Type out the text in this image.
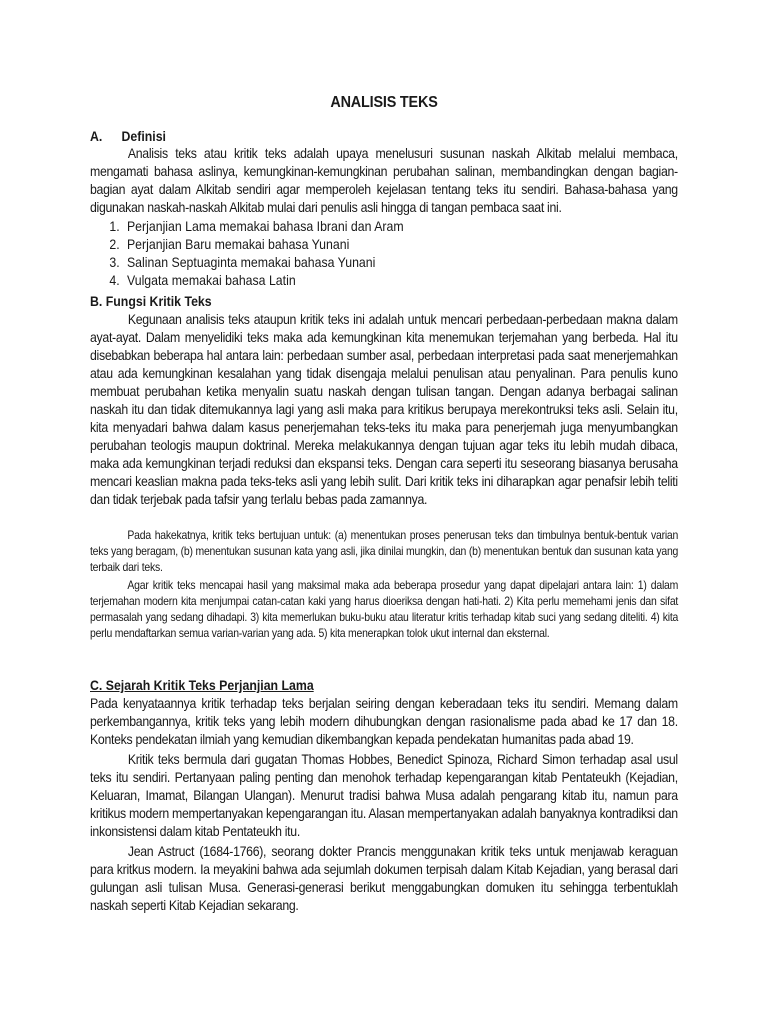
ANALISIS TEKS
A. Definisi

Analisis teks atau kritik teks adalah upaya menelusuri susunan naskah Alkitab melalui membaca, mengamati bahasa aslinya, kemungkinan-kemungkinan perubahan salinan, membandingkan dengan bagian-bagian ayat dalam Alkitab sendiri agar memperoleh kejelasan tentang teks itu sendiri. Bahasa-bahasa yang digunakan naskah-naskah Alkitab mulai dari penulis asli hingga di tangan pembaca saat ini.

1. Perjanjian Lama memakai bahasa Ibrani dan Aram
2. Perjanjian Baru memakai bahasa Yunani
3. Salinan Septuaginta memakai bahasa Yunani
4. Vulgata memakai bahasa Latin
B. Fungsi Kritik Teks

Kegunaan analisis teks ataupun kritik teks ini adalah untuk mencari perbedaan-perbedaan makna dalam ayat-ayat. Dalam menyelidiki teks maka ada kemungkinan kita menemukan terjemahan yang berbeda. Hal itu disebabkan beberapa hal antara lain: perbedaan sumber asal, perbedaan interpretasi pada saat menerjemahkan atau ada kemungkinan kesalahan yang tidak disengaja melalui penulisan atau penyalinan. Para penulis kuno membuat perubahan ketika menyalin suatu naskah dengan tulisan tangan. Dengan adanya berbagai salinan naskah itu dan tidak ditemukannya lagi yang asli maka para kritikus berupaya merekontruksi teks asli. Selain itu, kita menyadari bahwa dalam kasus penerjemahan teks-teks itu maka para penerjemah juga menyumbangkan perubahan teologis maupun doktrinal. Mereka melakukannya dengan tujuan agar teks itu lebih mudah dibaca, maka ada kemungkinan terjadi reduksi dan ekspansi teks. Dengan cara seperti itu seseorang biasanya berusaha mencari keaslian makna pada teks-teks asli yang lebih sulit. Dari kritik teks ini diharapkan agar penafsir lebih teliti dan tidak terjebak pada tafsir yang terlalu bebas pada zamannya.

Pada hakekatnya, kritik teks bertujuan untuk: (a) menentukan proses penerusan teks dan timbulnya bentuk-bentuk varian teks yang beragam, (b) menentukan susunan kata yang asli, jika dinilai mungkin, dan (b) menentukan bentuk dan susunan kata yang terbaik dari teks.

Agar kritik teks mencapai hasil yang maksimal maka ada beberapa prosedur yang dapat dipelajari antara lain: 1) dalam terjemahan modern kita menjumpai catan-catan kaki yang harus dioeriksa dengan hati-hati. 2) Kita perlu memehami jenis dan sifat permasalah yang sedang dihadapi. 3) kita memerlukan buku-buku atau literatur kritis terhadap kitab suci yang sedang diteliti. 4) kita perlu mendaftarkan semua varian-varian yang ada. 5) kita menerapkan tolok ukut internal dan eksternal.

C. Sejarah Kritik Teks Perjanjian Lama

Pada kenyataannya kritik terhadap teks berjalan seiring dengan keberadaan teks itu sendiri. Memang dalam perkembangannya, kritik teks yang lebih modern dihubungkan dengan rasionalisme pada abad ke 17 dan 18. Konteks pendekatan ilmiah yang kemudian dikembangkan kepada pendekatan humanitas pada abad 19.

Kritik teks bermula dari gugatan Thomas Hobbes, Benedict Spinoza, Richard Simon terhadap asal usul teks itu sendiri. Pertanyaan paling penting dan menohok terhadap kepengarangan kitab Pentateukh (Kejadian, Keluaran, Imamat, Bilangan Ulangan). Menurut tradisi bahwa Musa adalah pengarang kitab itu, namun para kritikus modern mempertanyakan kepengarangan itu. Alasan mempertanyakan adalah banyaknya kontradiksi dan inkonsistensi dalam kitab Pentateukh itu.

Jean Astruct (1684-1766), seorang dokter Prancis menggunakan kritik teks untuk menjawab keraguan para kritkus modern. Ia meyakini bahwa ada sejumlah dokumen terpisah dalam Kitab Kejadian, yang berasal dari gulungan asli tulisan Musa. Generasi-generasi berikut menggabungkan domuken itu sehingga terbentuklah naskah seperti Kitab Kejadian sekarang.
